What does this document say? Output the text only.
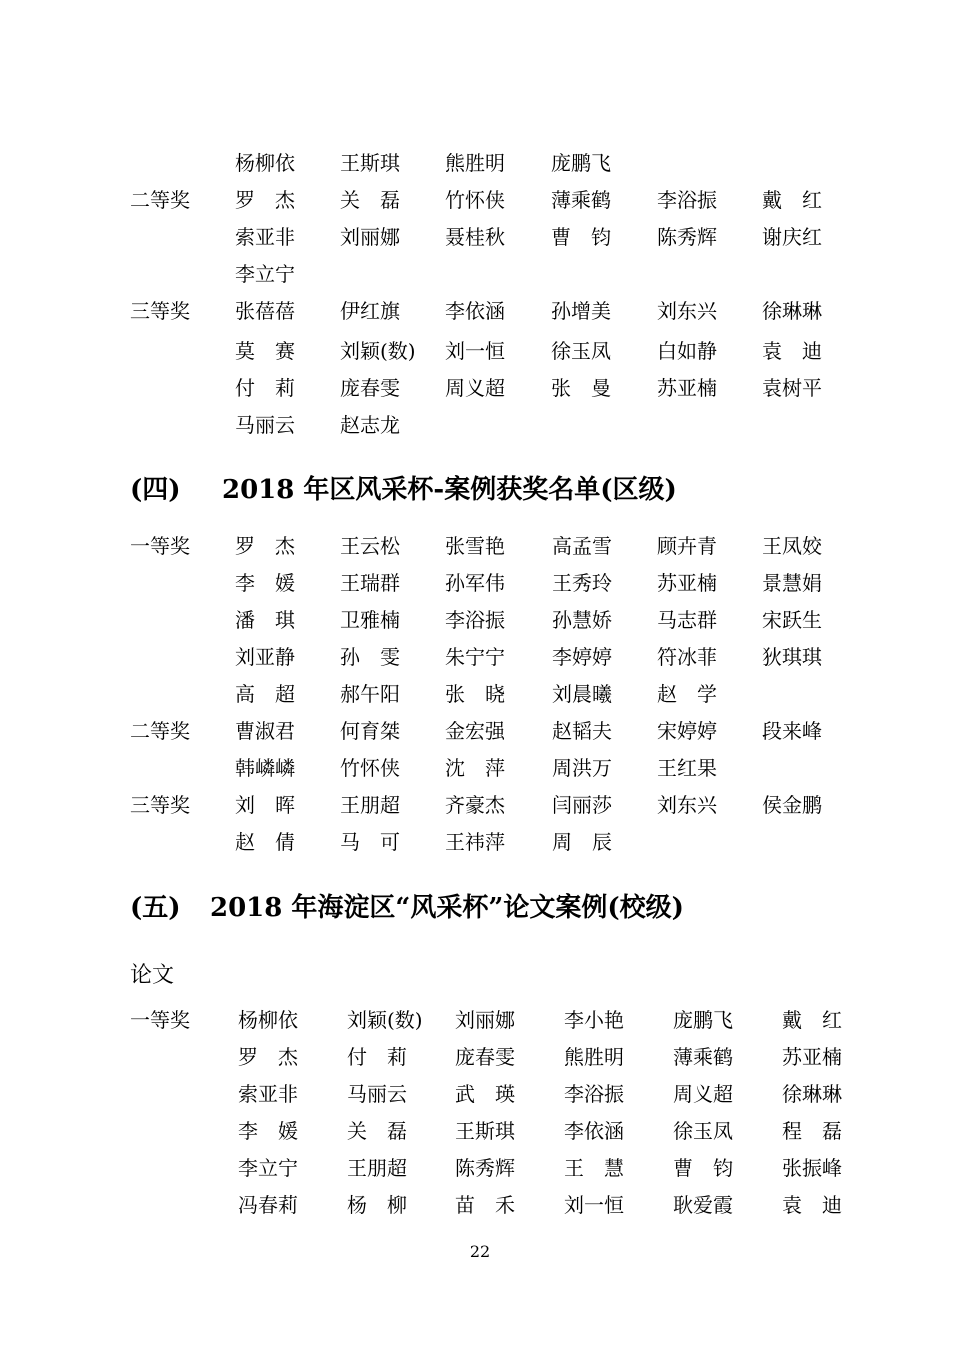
杨柳依 王斯琪 熊胜明 庞鹏飞
二等奖 罗　杰 关　磊 竹怀侠 薄乘鹤 李浴振 戴　红
索亚非 刘丽娜 聂桂秋 曹　钧 陈秀辉 谢庆红
李立宁
三等奖 张蓓蓓 伊红旗 李依涵 孙增美 刘东兴 徐琳琳
莫　赛 刘颖(数) 刘一恒 徐玉凤 白如静 袁　迪
付　莉 庞春雯 周义超 张　曼 苏亚楠 袁树平
马丽云 赵志龙
(四) 2018 年区风采杯-案例获奖名单(区级)
一等奖 罗　杰 王云松 张雪艳 高孟雪 顾卉青 王凤姣
李　媛 王瑞群 孙军伟 王秀玲 苏亚楠 景慧娟
潘　琪 卫雅楠 李浴振 孙慧娇 马志群 宋跃生
刘亚静 孙　雯 朱宁宁 李婷婷 符冰菲 狄琪琪
高　超 郝午阳 张　晓 刘晨曦 赵　学
二等奖 曹淑君 何育桀 金宏强 赵韬夫 宋婷婷 段来峰
韩嶙嶙 竹怀侠 沈　萍 周洪万 王红果
三等奖 刘　晖 王朋超 齐豪杰 闫丽莎 刘东兴 侯金鹏
赵　倩 马　可 王祎萍 周　辰
(五) 2018 年海淀区“风采杯”论文案例(校级)
论文
一等奖 杨柳依 刘颖(数) 刘丽娜 李小艳 庞鹏飞 戴　红
罗　杰 付　莉 庞春雯 熊胜明 薄乘鹤 苏亚楠
索亚非 马丽云 武　瑛 李浴振 周义超 徐琳琳
李　媛 关　磊 王斯琪 李依涵 徐玉凤 程　磊
李立宁 王朋超 陈秀辉 王　慧 曹　钧 张振峰
冯春莉 杨　柳 苗　禾 刘一恒 耿爱霞 袁　迪
22
